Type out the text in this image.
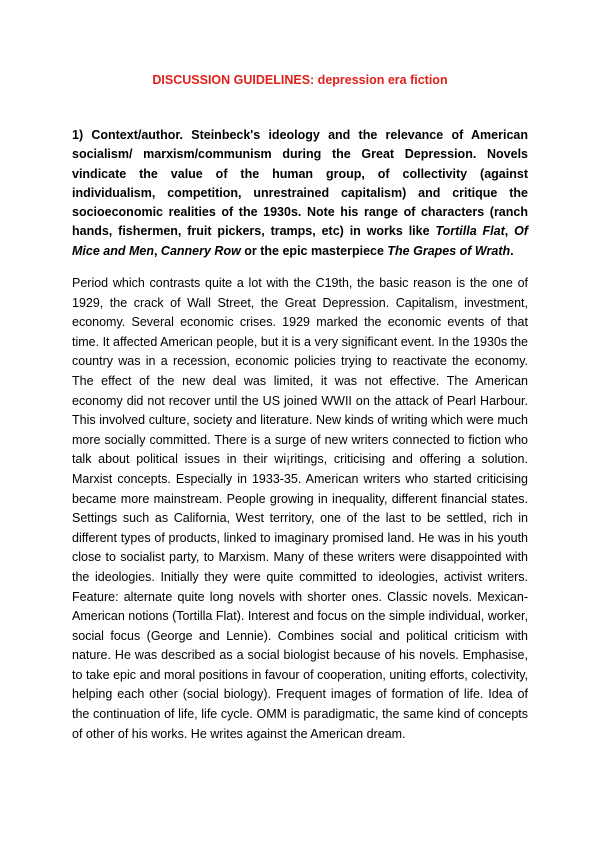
DISCUSSION GUIDELINES: depression era fiction
1) Context/author. Steinbeck's ideology and the relevance of American socialism/ marxism/communism during the Great Depression. Novels vindicate the value of the human group, of collectivity (against individualism, competition, unrestrained capitalism) and critique the socioeconomic realities of the 1930s. Note his range of characters (ranch hands, fishermen, fruit pickers, tramps, etc) in works like Tortilla Flat, Of Mice and Men, Cannery Row or the epic masterpiece The Grapes of Wrath.
Period which contrasts quite a lot with the C19th, the basic reason is the one of 1929, the crack of Wall Street, the Great Depression. Capitalism, investment, economy. Several economic crises. 1929 marked the economic events of that time. It affected American people, but it is a very significant event. In the 1930s the country was in a recession, economic policies trying to reactivate the economy. The effect of the new deal was limited, it was not effective. The American economy did not recover until the US joined WWII on the attack of Pearl Harbour. This involved culture, society and literature. New kinds of writing which were much more socially committed. There is a surge of new writers connected to fiction who talk about political issues in their wi¡ritings, criticising and offering a solution. Marxist concepts. Especially in 1933-35. American writers who started criticising became more mainstream. People growing in inequality, different financial states. Settings such as California, West territory, one of the last to be settled, rich in different types of products, linked to imaginary promised land. He was in his youth close to socialist party, to Marxism. Many of these writers were disappointed with the ideologies. Initially they were quite committed to ideologies, activist writers. Feature: alternate quite long novels with shorter ones. Classic novels. Mexican-American notions (Tortilla Flat). Interest and focus on the simple individual, worker, social focus (George and Lennie). Combines social and political criticism with nature. He was described as a social biologist because of his novels. Emphasise, to take epic and moral positions in favour of cooperation, uniting efforts, colectivity, helping each other (social biology). Frequent images of formation of life. Idea of the continuation of life, life cycle. OMM is paradigmatic, the same kind of concepts of other of his works. He writes against the American dream.
